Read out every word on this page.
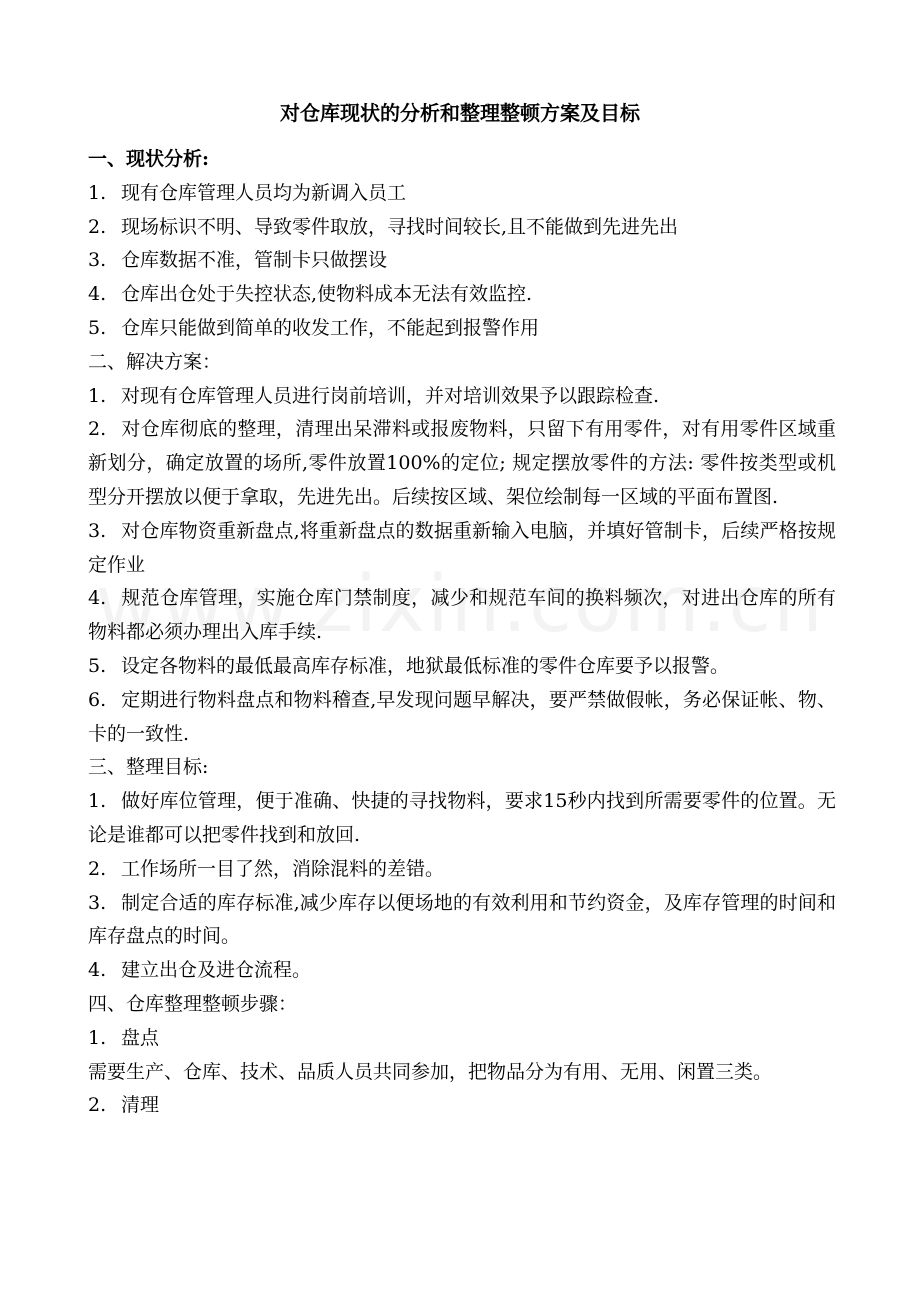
对仓库现状的分析和整理整顿方案及目标
一、现状分析:
1. 现有仓库管理人员均为新调入员工
2. 现场标识不明、导致零件取放，寻找时间较长,且不能做到先进先出
3. 仓库数据不准，管制卡只做摆设
4. 仓库出仓处于失控状态,使物料成本无法有效监控.
5. 仓库只能做到简单的收发工作，不能起到报警作用
二、解决方案：
1. 对现有仓库管理人员进行岗前培训，并对培训效果予以跟踪检查.
2. 对仓库彻底的整理，清理出呆滞料或报废物料，只留下有用零件，对有用零件区域重新划分，确定放置的场所,零件放置100%的定位; 规定摆放零件的方法: 零件按类型或机型分开摆放以便于拿取，先进先出。后续按区域、架位绘制每一区域的平面布置图.
3. 对仓库物资重新盘点,将重新盘点的数据重新输入电脑，并填好管制卡，后续严格按规定作业
4. 规范仓库管理，实施仓库门禁制度，减少和规范车间的换料频次，对进出仓库的所有物料都必须办理出入库手续.
5. 设定各物料的最低最高库存标准，地狱最低标准的零件仓库要予以报警。
6. 定期进行物料盘点和物料稽查,早发现问题早解决，要严禁做假帐，务必保证帐、物、卡的一致性.
三、整理目标:
1. 做好库位管理，便于准确、快捷的寻找物料，要求15秒内找到所需要零件的位置。无论是谁都可以把零件找到和放回.
2. 工作场所一目了然，消除混料的差错。
3. 制定合适的库存标准,减少库存以便场地的有效利用和节约资金，及库存管理的时间和库存盘点的时间。
4. 建立出仓及进仓流程。
四、仓库整理整顿步骤：
1. 盘点
需要生产、仓库、技术、品质人员共同参加，把物品分为有用、无用、闲置三类。
2. 清理
